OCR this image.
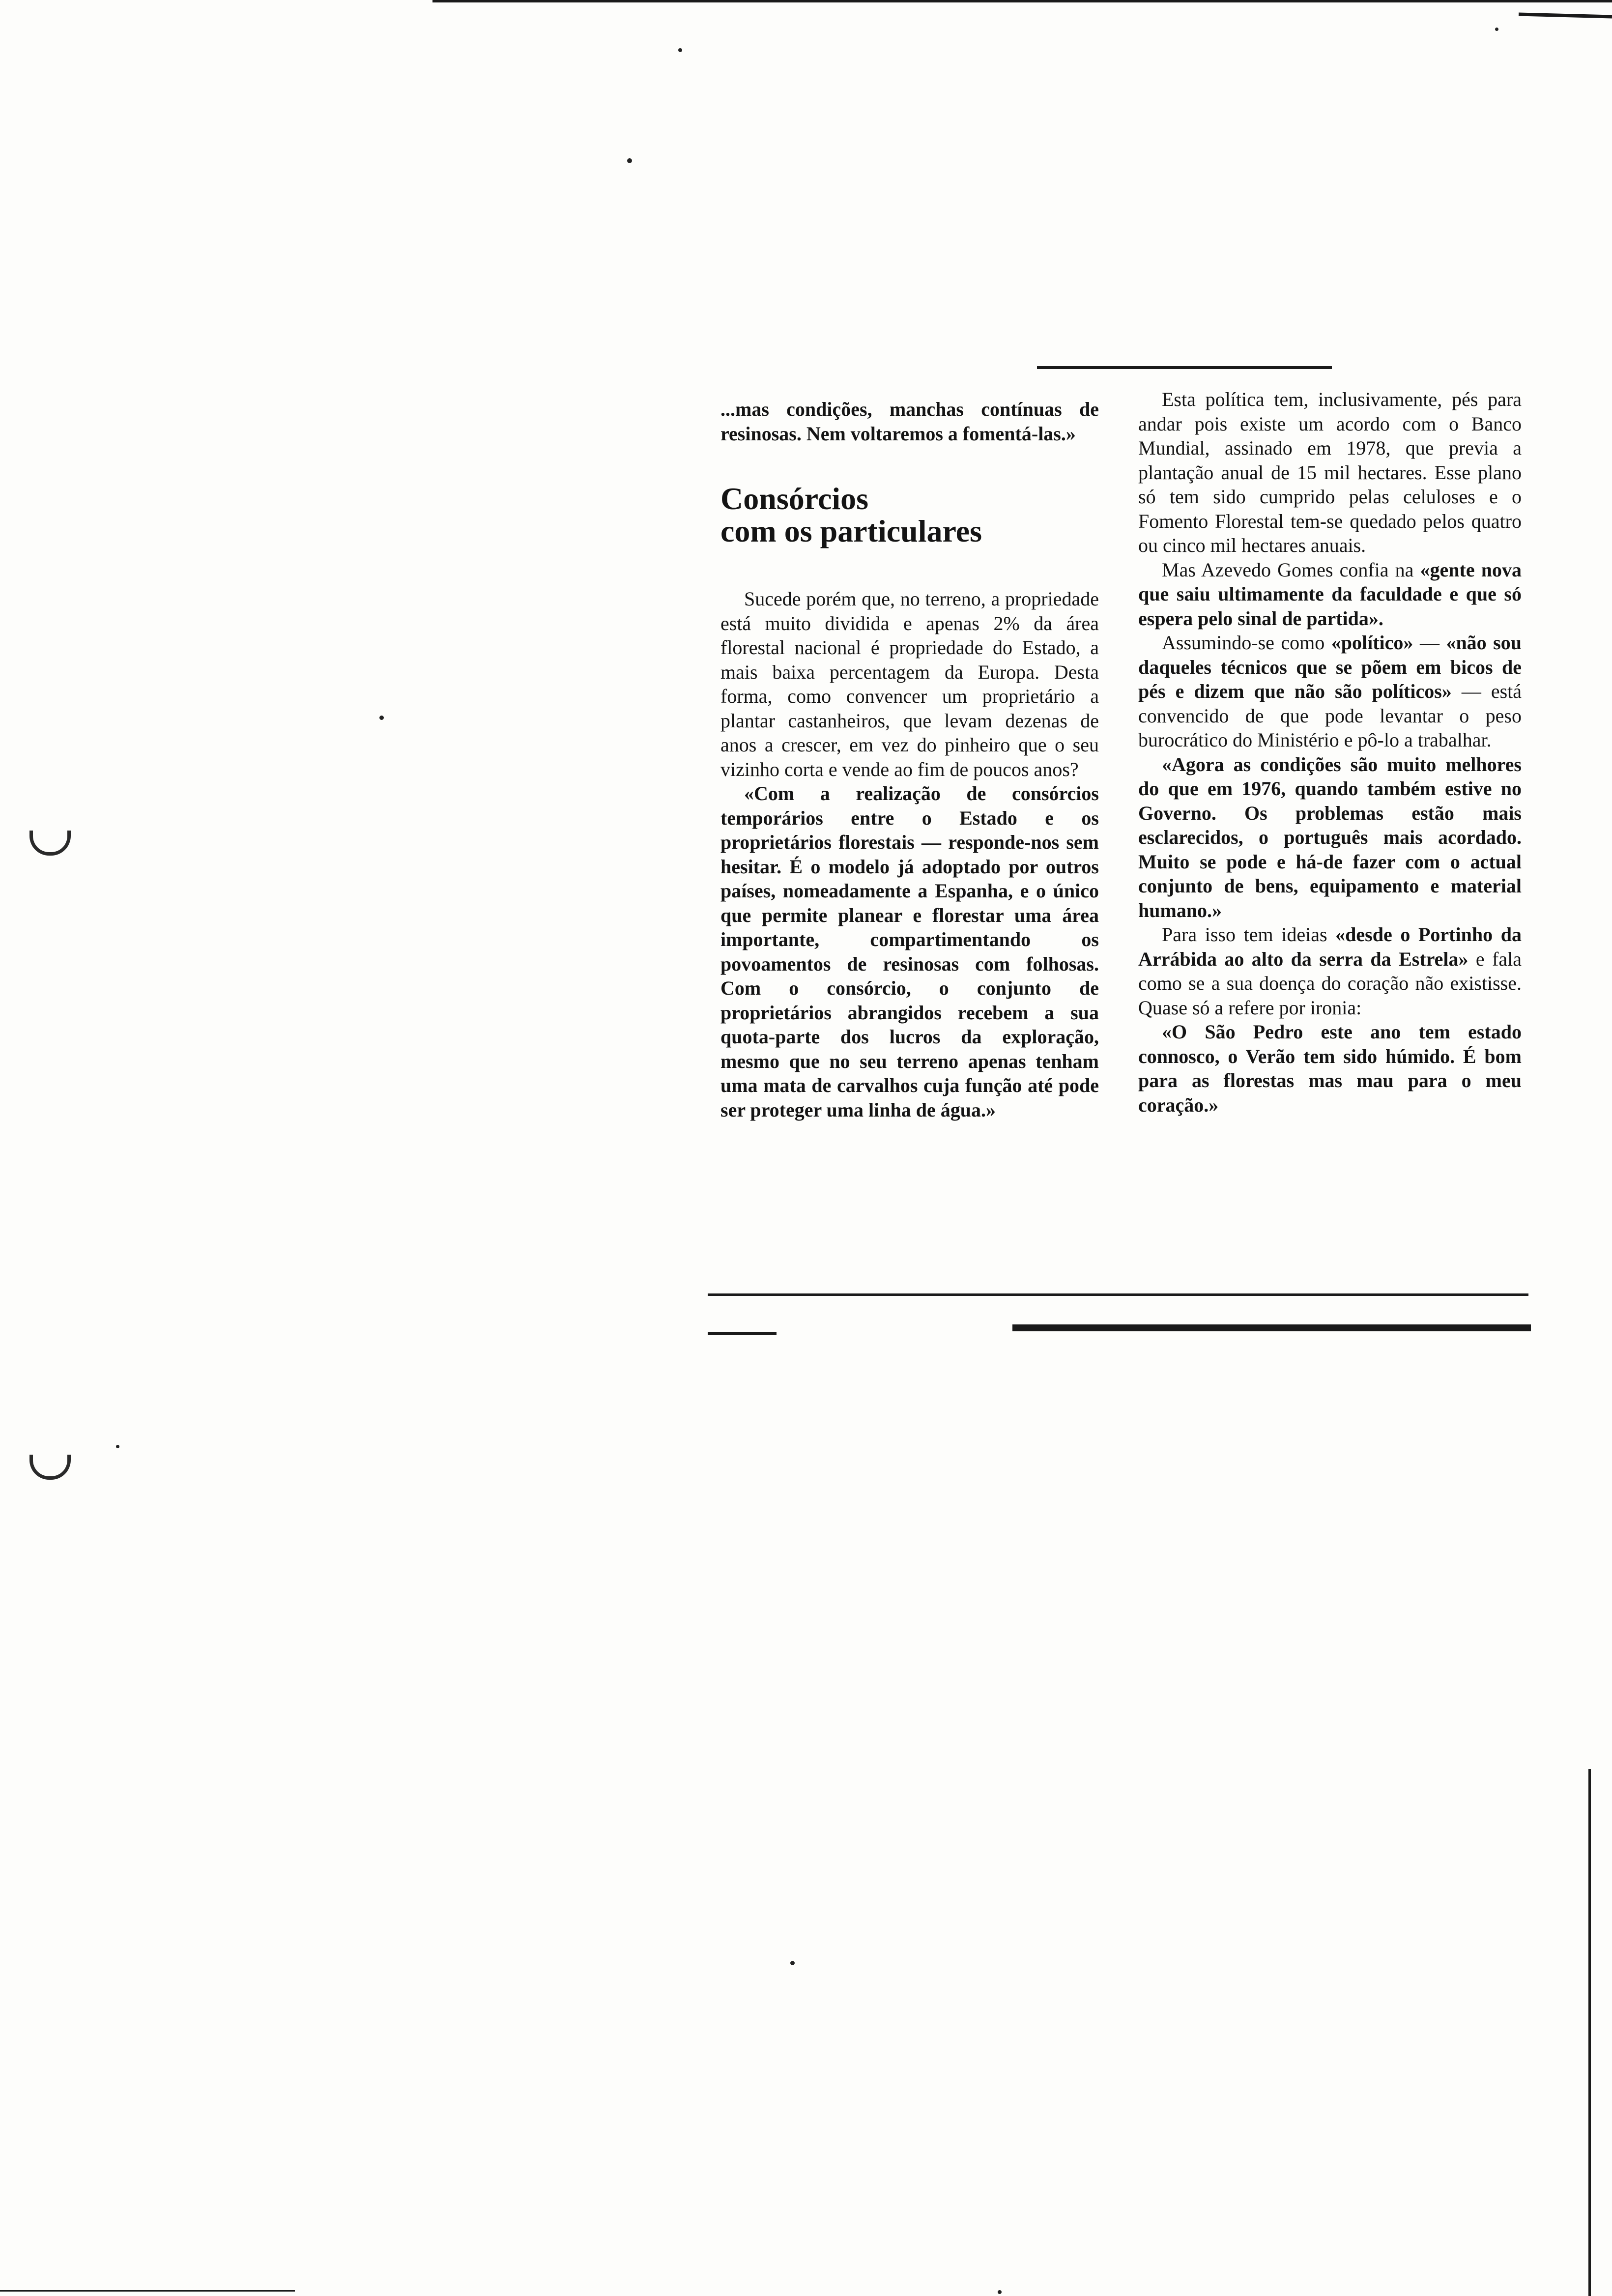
...mas condições, manchas contínuas de resinosas. Nem voltaremos a fomentá-las.»

Consórcios
com os particulares

Sucede porém que, no terreno, a propriedade está muito dividida e apenas 2% da área florestal nacional é propriedade do Estado, a mais baixa percentagem da Europa. Desta forma, como convencer um proprietário a plantar castanheiros, que levam dezenas de anos a crescer, em vez do pinheiro que o seu vizinho corta e vende ao fim de poucos anos?

«Com a realização de consórcios temporários entre o Estado e os proprietários florestais — responde-nos sem hesitar. É o modelo já adoptado por outros países, nomeadamente a Espanha, e o único que permite planear e florestar uma área importante, compartimentando os povoamentos de resinosas com folhosas. Com o consórcio, o conjunto de proprietários abrangidos recebem a sua quota-parte dos lucros da exploração, mesmo que no seu terreno apenas tenham uma mata de carvalhos cuja função até pode ser proteger uma linha de água.»

Esta política tem, inclusivamente, pés para andar pois existe um acordo com o Banco Mundial, assinado em 1978, que previa a plantação anual de 15 mil hectares. Esse plano só tem sido cumprido pelas celuloses e o Fomento Florestal tem-se quedado pelos quatro ou cinco mil hectares anuais.

Mas Azevedo Gomes confia na «gente nova que saiu ultimamente da faculdade e que só espera pelo sinal de partida».

Assumindo-se como «político» — «não sou daqueles técnicos que se põem em bicos de pés e dizem que não são políticos» — está convencido de que pode levantar o peso burocrático do Ministério e pô-lo a trabalhar.

«Agora as condições são muito melhores do que em 1976, quando também estive no Governo. Os problemas estão mais esclarecidos, o português mais acordado. Muito se pode e há-de fazer com o actual conjunto de bens, equipamento e material humano.»

Para isso tem ideias «desde o Portinho da Arrábida ao alto da serra da Estrela» e fala como se a sua doença do coração não existisse. Quase só a refere por ironia:

«O São Pedro este ano tem estado connosco, o Verão tem sido húmido. É bom para as florestas mas mau para o meu coração.»
